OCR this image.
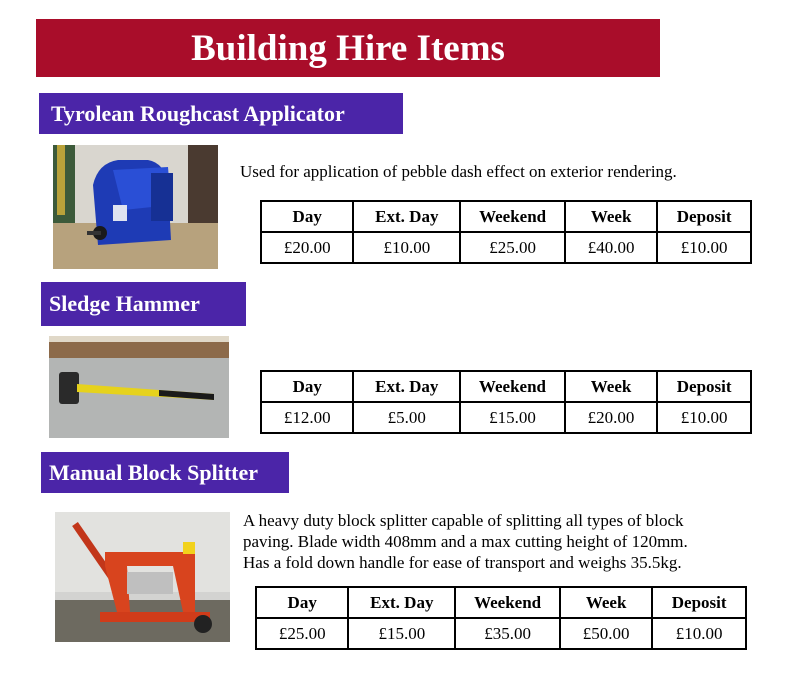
Building Hire Items
Tyrolean Roughcast Applicator
Used for application of pebble dash effect on exterior rendering.
Day	Ext. Day	Weekend	Week	Deposit
£20.00	£10.00	£25.00	£40.00	£10.00
Sledge Hammer
Day	Ext. Day	Weekend	Week	Deposit
£12.00	£5.00	£15.00	£20.00	£10.00
Manual Block Splitter
A heavy duty block splitter capable of splitting all types of block
paving. Blade width 408mm and a max cutting height of 120mm.
Has a fold down handle for ease of transport and weighs 35.5kg.
Day	Ext. Day	Weekend	Week	Deposit
£25.00	£15.00	£35.00	£50.00	£10.00
